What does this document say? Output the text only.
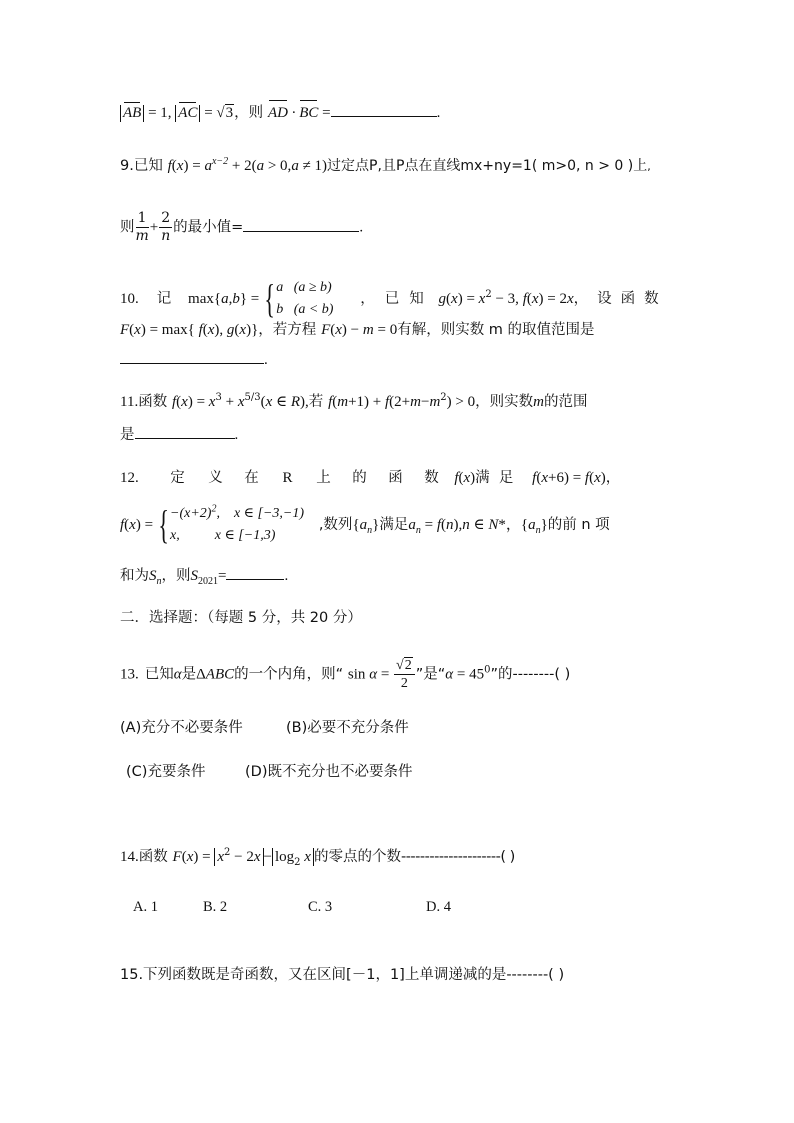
AB = 1, AC = √3，则 AD · BC =	.
9.已知 $f(x) = a^{x-2} + 2(a > 0,a \ne 1)$过定点P,且P点在直线mx+ny=1( m>0, n > 0 )上,
则 $\frac{1}{m} + \frac{2}{n}$ 的最小值=	.
10. 记 max{a,b} = { a   (a ≥ b)
b   (a < b)
，已知 $g(x) = x^2 - 3$, f(x) = 2x，设函数
F(x) = max{ f(x), g(x)}，若方程 F(x) − m = 0有解，则实数 m 的取值范围是
.
11.函数 $f(x) = x^3 + x^{5/3}(x$ ∈ R),若 $f(m+1) + f(2+m-m^2) > 0$，则实数m的范围
是	.
12. 定 义 在 R 上 的 函 数 f(x)满  足 f(x+6) = f(x)，
f(x) = { $-(x+2)^2$,    x ∈ [−3,−1)
x,          x ∈ [−1,3)
,数列$\{a_n\}$满足$a_n = f(n),n$ ∈ N*，$\{a_n\}$的前 n 项
和为$S_n$，则$S_{2021}=$	.
二．选择题：（每题 5 分，共 20 分）
13. 已知α是ΔABC的一个内角，则“ $\sin \alpha = \frac{√2}{2}$ ”是“$\alpha = 45^0$”的--------( )
(A)充分不必要条件	(B)必要不充分条件
(C)充要条件	(D)既不充分也不必要条件
14.函数 $F(x) = x^2 - 2x - \log_2 x$ 的零点的个数---------------------( )
A. 1	B. 2	C. 3	D. 4
15.下列函数既是奇函数，又在区间[－1，1]上单调递减的是--------( )
